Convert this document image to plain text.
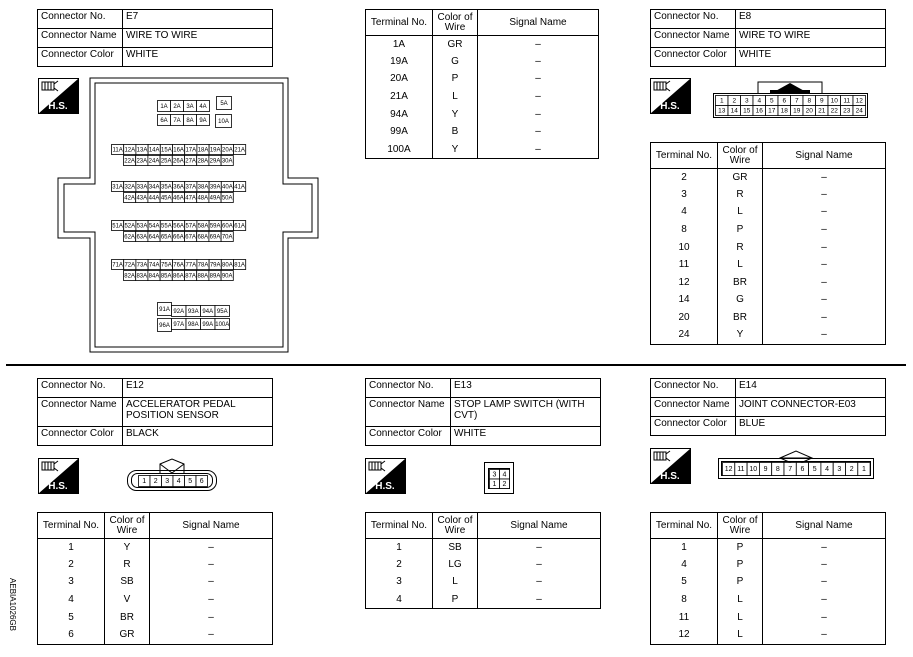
AEBIA1026GB
Connector No.	E7
Connector Name	WIRE TO WIRE
Connector Color	WHITE
H.S.	1A 2A 3A 4A 5A
6A 7A 8A 9A 10A
11A 12A 13A 14A 15A 16A 17A 18A 19A 20A 21A
22A 23A 24A 25A 26A 27A 28A 29A 30A
31A 32A 33A 34A 35A 36A 37A 38A 39A 40A 41A
42A 43A 44A 45A 46A 47A 48A 49A 50A
51A 52A 53A 54A 55A 56A 57A 58A 59A 60A 61A
62A 63A 64A 65A 66A 67A 68A 69A 70A
71A 72A 73A 74A 75A 76A 77A 78A 79A 80A 81A
82A 83A 84A 85A 86A 87A 88A 89A 90A
91A 92A 93A 94A 95A
96A 97A 98A 99A 100A
Terminal No.	Color of Wire	Signal Name
1A	GR	–
19A	G	–
20A	P	–
21A	L	–
94A	Y	–
99A	B	–
100A	Y	–
Connector No.	E8
Connector Name	WIRE TO WIRE
Connector Color	WHITE
H.S.	1 2 3 4 5 6 7 8 9 10 11 12
13 14 15 16 17 18 19 20 21 22 23 24
Terminal No.	Color of Wire	Signal Name
2	GR	–
3	R	–
4	L	–
8	P	–
10	R	–
11	L	–
12	BR	–
14	G	–
20	BR	–
24	Y	–
Connector No.	E12
Connector Name	ACCELERATOR PEDAL POSITION SENSOR
Connector Color	BLACK
H.S.	1 2 3 4 5 6
Terminal No.	Color of Wire	Signal Name
1	Y	–
2	R	–
3	SB	–
4	V	–
5	BR	–
6	GR	–
Connector No.	E13
Connector Name	STOP LAMP SWITCH (WITH CVT)
Connector Color	WHITE
H.S.
3 4
1 2
Terminal No.	Color of Wire	Signal Name
1	SB	–
2	LG	–
3	L	–
4	P	–
Connector No.	E14
Connector Name	JOINT CONNECTOR-E03
Connector Color	BLUE
H.S.
12 11 10 9 8 7 6 5 4 3 2 1
Terminal No.	Color of Wire	Signal Name
1	P	–
4	P	–
5	P	–
8	L	–
11	L	–
12	L	–
